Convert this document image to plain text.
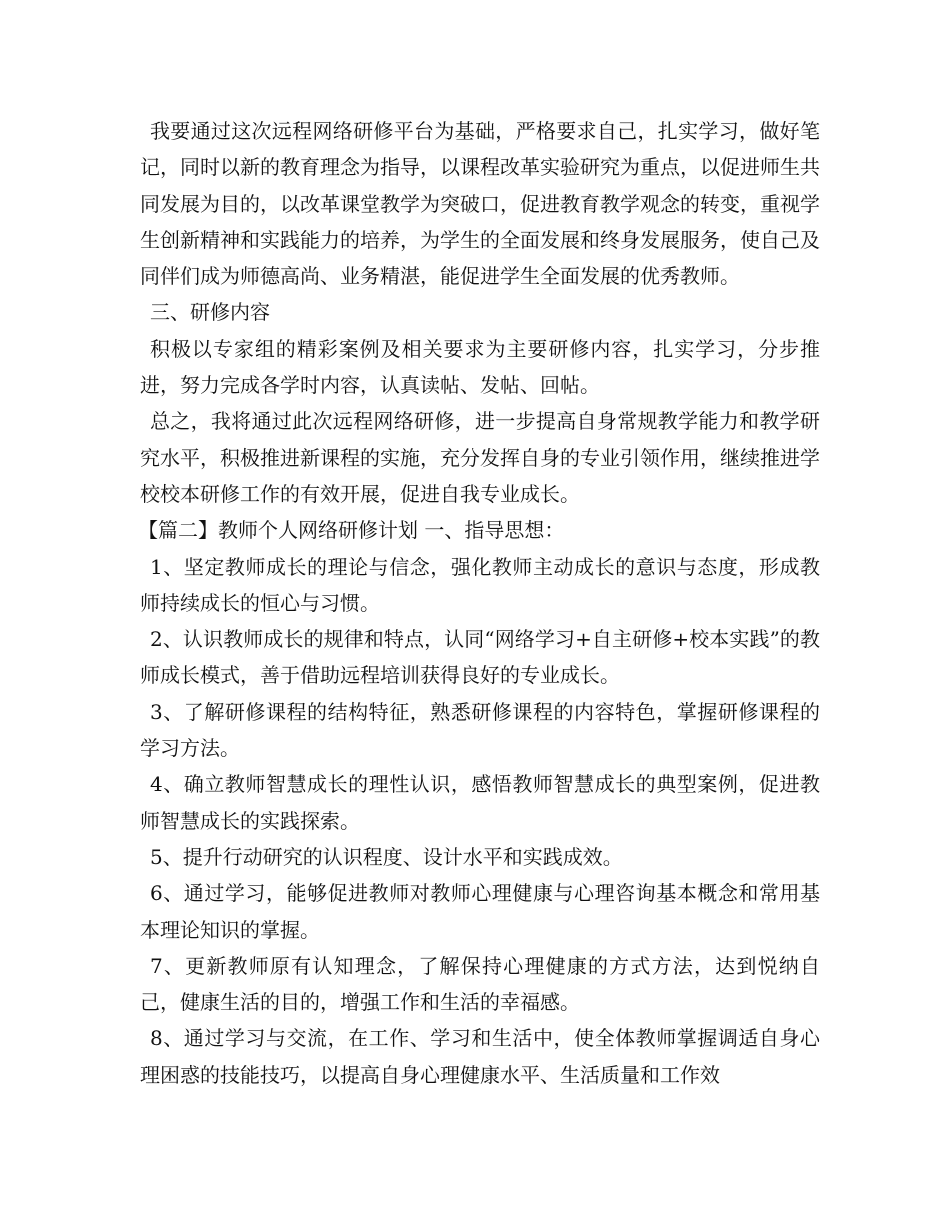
我要通过这次远程网络研修平台为基础，严格要求自己，扎实学习，做好笔记，同时以新的教育理念为指导，以课程改革实验研究为重点，以促进师生共同发展为目的，以改革课堂教学为突破口，促进教育教学观念的转变，重视学生创新精神和实践能力的培养，为学生的全面发展和终身发展服务，使自己及同伴们成为师德高尚、业务精湛，能促进学生全面发展的优秀教师。

三、研修内容

积极以专家组的精彩案例及相关要求为主要研修内容，扎实学习，分步推进，努力完成各学时内容，认真读帖、发帖、回帖。

总之，我将通过此次远程网络研修，进一步提高自身常规教学能力和教学研究水平，积极推进新课程的实施，充分发挥自身的专业引领作用，继续推进学校校本研修工作的有效开展，促进自我专业成长。

【篇二】教师个人网络研修计划 一、指导思想：

1、坚定教师成长的理论与信念，强化教师主动成长的意识与态度，形成教师持续成长的恒心与习惯。

2、认识教师成长的规律和特点，认同“网络学习+自主研修+校本实践”的教师成长模式，善于借助远程培训获得良好的专业成长。

3、了解研修课程的结构特征，熟悉研修课程的内容特色，掌握研修课程的学习方法。

4、确立教师智慧成长的理性认识，感悟教师智慧成长的典型案例，促进教师智慧成长的实践探索。

5、提升行动研究的认识程度、设计水平和实践成效。

6、通过学习，能够促进教师对教师心理健康与心理咨询基本概念和常用基本理论知识的掌握。

7、更新教师原有认知理念，了解保持心理健康的方式方法，达到悦纳自己，健康生活的目的，增强工作和生活的幸福感。

8、通过学习与交流，在工作、学习和生活中，使全体教师掌握调适自身心理困惑的技能技巧，以提高自身心理健康水平、生活质量和工作效
